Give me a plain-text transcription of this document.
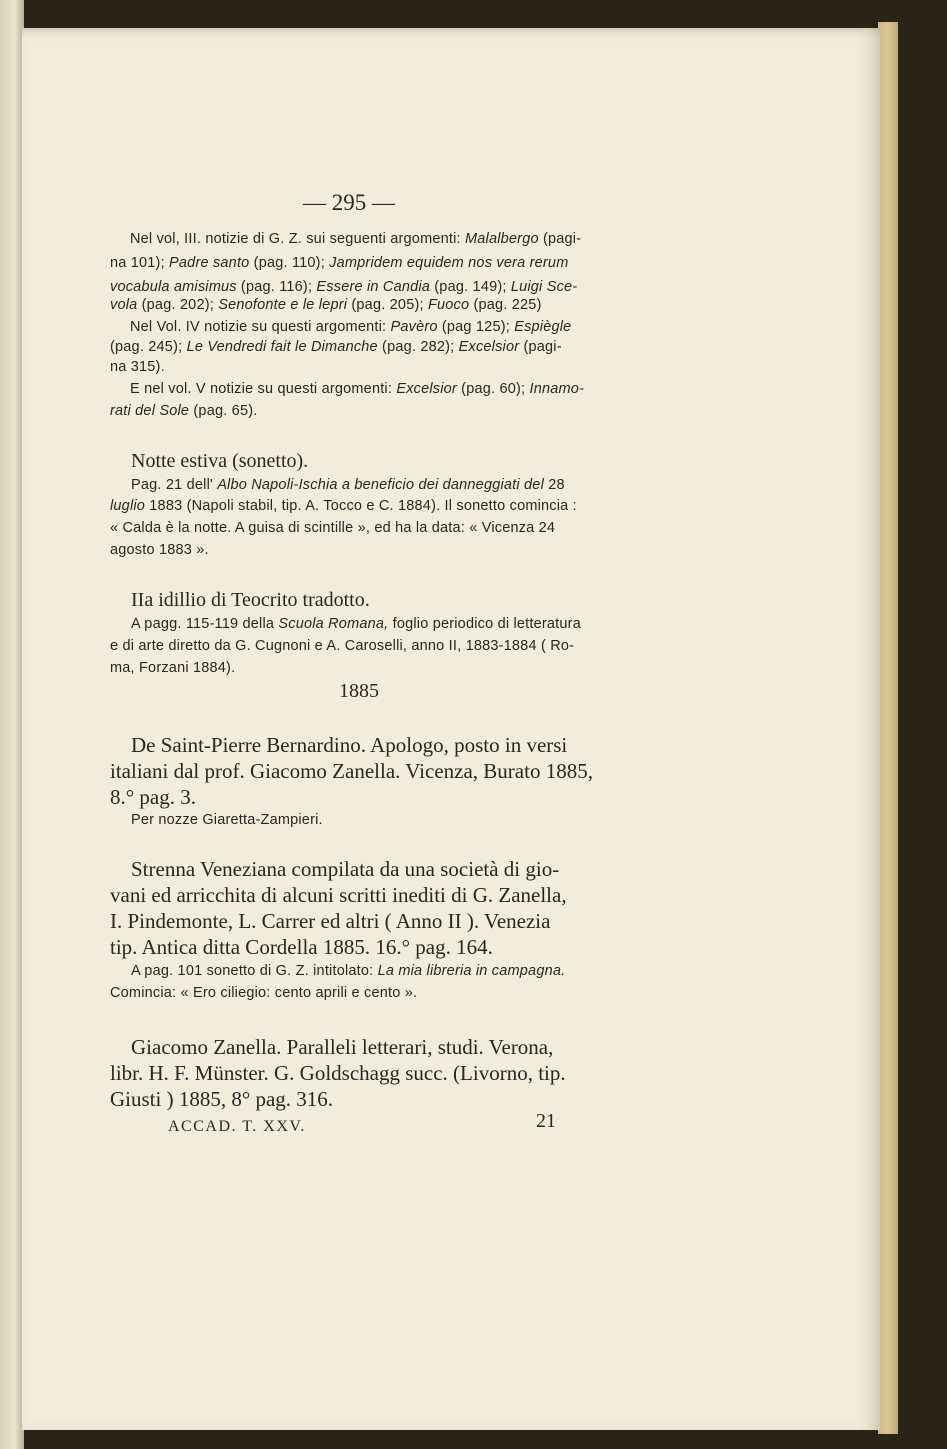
— 295 —
Nel vol, III. notizie di G. Z. sui seguenti argomenti: Malalbergo (pagi-
na 101); Padre santo (pag. 110); Jampridem equidem nos vera rerum
vocabula amisimus (pag. 116); Essere in Candia (pag. 149); Luigi Sce-
vola (pag. 202); Senofonte e le lepri (pag. 205); Fuoco (pag. 225)
Nel Vol. IV notizie su questi argomenti: Pavèro (pag 125); Espiègle
(pag. 245); Le Vendredi fait le Dimanche (pag. 282); Excelsior (pagi-
na 315).
E nel vol. V notizie su questi argomenti: Excelsior (pag. 60); Innamo-
rati del Sole (pag. 65).
Notte estiva (sonetto).
Pag. 21 dell' Albo Napoli-Ischia a beneficio dei danneggiati del 28
luglio 1883 (Napoli stabil, tip. A. Tocco e C. 1884). Il sonetto comincia :
« Calda è la notte. A guisa di scintille », ed ha la data: « Vicenza 24
agosto 1883 ».
IIa idillio di Teocrito tradotto.
A pagg. 115-119 della Scuola Romana, foglio periodico di letteratura
e di arte diretto da G. Cugnoni e A. Caroselli, anno II, 1883-1884 ( Ro-
ma, Forzani 1884).
1885
De Saint-Pierre Bernardino. Apologo, posto in versi
italiani dal prof. Giacomo Zanella. Vicenza, Burato 1885,
8.° pag. 3.
Per nozze Giaretta-Zampieri.
Strenna Veneziana compilata da una società di gio-
vani ed arricchita di alcuni scritti inediti di G. Zanella,
I. Pindemonte, L. Carrer ed altri ( Anno II ). Venezia
tip. Antica ditta Cordella 1885. 16.° pag. 164.
A pag. 101 sonetto di G. Z. intitolato: La mia libreria in campagna.
Comincia: « Ero ciliegio: cento aprili e cento ».
Giacomo Zanella. Paralleli letterari, studi. Verona,
libr. H. F. Münster. G. Goldschagg succ. (Livorno, tip.
Giusti ) 1885, 8° pag. 316.
ACCAD. T. XXV.	21
